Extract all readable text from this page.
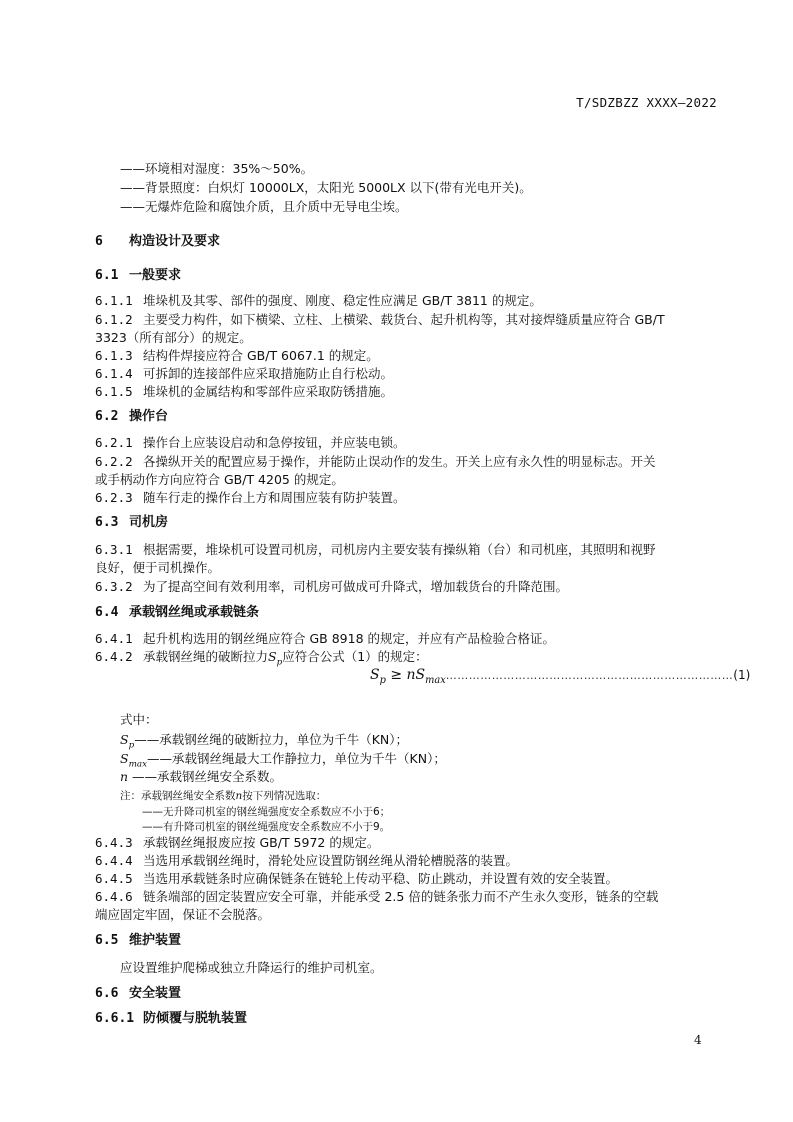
T/SDZBZZ XXXX—2022
——环境相对湿度：35%～50%。
——背景照度：白炽灯 10000LX，太阳光 5000LX 以下(带有光电开关)。
——无爆炸危险和腐蚀介质，且介质中无导电尘埃。
6 构造设计及要求
6.1 一般要求
6.1.1 堆垛机及其零、部件的强度、刚度、稳定性应满足 GB/T 3811 的规定。
6.1.2 主要受力构件，如下横梁、立柱、上横梁、载货台、起升机构等，其对接焊缝质量应符合 GB/T
3323（所有部分）的规定。
6.1.3 结构件焊接应符合 GB/T 6067.1 的规定。
6.1.4 可拆卸的连接部件应采取措施防止自行松动。
6.1.5 堆垛机的金属结构和零部件应采取防锈措施。
6.2 操作台
6.2.1 操作台上应装设启动和急停按钮，并应装电锁。
6.2.2 各操纵开关的配置应易于操作，并能防止误动作的发生。开关上应有永久性的明显标志。开关
或手柄动作方向应符合 GB/T 4205 的规定。
6.2.3 随车行走的操作台上方和周围应装有防护装置。
6.3 司机房
6.3.1 根据需要，堆垛机可设置司机房，司机房内主要安装有操纵箱（台）和司机座，其照明和视野
良好，便于司机操作。
6.3.2 为了提高空间有效利用率，司机房可做成可升降式，增加载货台的升降范围。
6.4 承载钢丝绳或承载链条
6.4.1 起升机构选用的钢丝绳应符合 GB 8918 的规定，并应有产品检验合格证。
6.4.2 承载钢丝绳的破断拉力$S_p$应符合公式（1）的规定：
$S_p$ ≥ $nS_{max}\dots\dots\dots\dots\dots\dots\dots\dots\dots\dots\dots\dots\dots\dots\dots\dots\dots\dots\dots\dots\dots\dots\dots\dots\dots(1)$
式中：
$S_p——$承载钢丝绳的破断拉力，单位为千牛（KN）；
$S_{max}——$承载钢丝绳最大工作静拉力，单位为千牛（KN）；
n ——承载钢丝绳安全系数。
注：承载钢丝绳安全系数n按下列情况选取：
——无升降司机室的钢丝绳强度安全系数应不小于6；
——有升降司机室的钢丝绳强度安全系数应不小于9。
6.4.3 承载钢丝绳报废应按 GB/T 5972 的规定。
6.4.4 当选用承载钢丝绳时，滑轮处应设置防钢丝绳从滑轮槽脱落的装置。
6.4.5 当选用承载链条时应确保链条在链轮上传动平稳、防止跳动，并设置有效的安全装置。
6.4.6 链条端部的固定装置应安全可靠，并能承受 2.5 倍的链条张力而不产生永久变形，链条的空载
端应固定牢固，保证不会脱落。
6.5 维护装置
应设置维护爬梯或独立升降运行的维护司机室。
6.6 安全装置
6.6.1 防倾覆与脱轨装置
4
